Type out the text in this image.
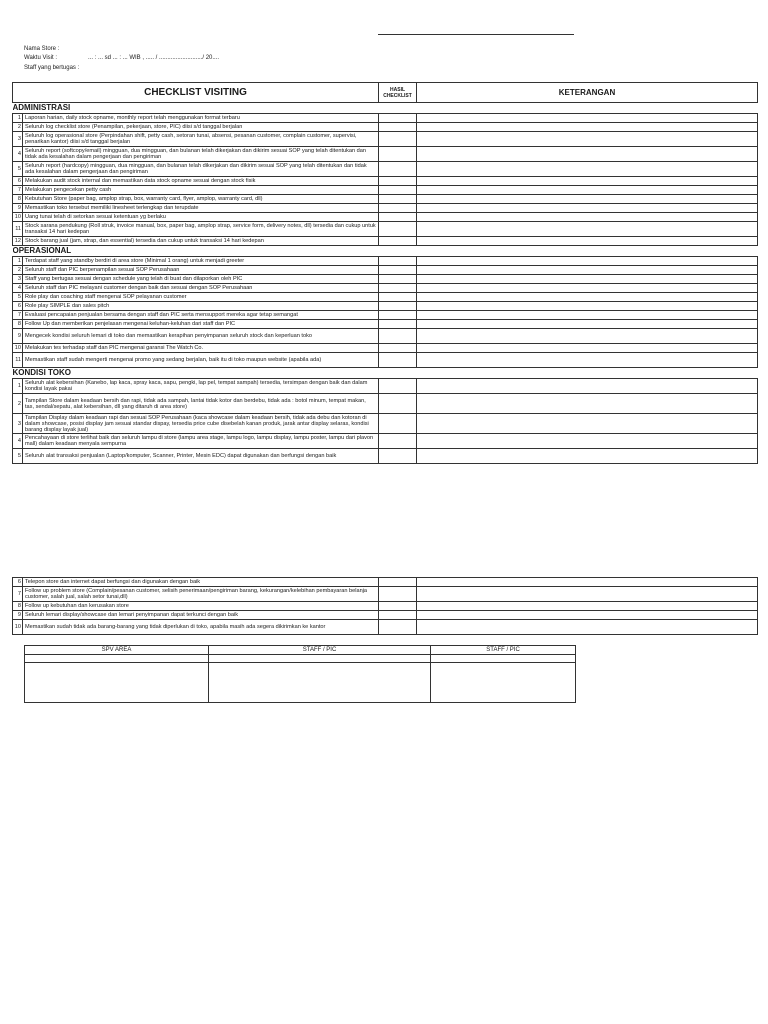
Nama Store :
Waktu Visit :	... : ... sd ... : ... WIB , ..... / ........................../ 20....
Staff yang bertugas :
CHECKLIST VISITING		HASIL CHECKLIST	KETERANGAN
ADMINISTRASI			
1	Laporan harian, daily stock opname, monthly report telah menggunakan format terbaru		
2	Seluruh log checklist store (Penampilan, pekerjaan, store, PIC) diisi s/d tanggal berjalan		
3	Seluruh log operasional store (Perpindahan shift, petty cash, setoran tunai, absensi, pesanan customer, complain customer, supervisi, penarikan kantor) diisi s/d tanggal berjalan		
4	Seluruh report (softcopy/email) mingguan, dua mingguan, dan bulanan telah dikerjakan dan dikirim sesuai SOP yang telah ditentukan dan tidak ada kesalahan dalam pengerjaan dan pengiriman		
5	Seluruh report (hardcopy) mingguan, dua mingguan, dan bulanan telah dikerjakan dan dikirim sesuai SOP yang telah ditentukan dan tidak ada kesalahan dalam pengerjaan dan pengiriman		
6	Melakukan audit stock internal dan memastikan data stock opname sesuai dengan stock fisik		
7	Melakukan pengecekan petty cash		
8	Kebutuhan Store (paper bag, amplop strap, box, warranty card, flyer, amplop, warranty card, dll)		
9	Memastikan toko tersebut memiliki linesheet terlengkap dan terupdate		
10	Uang tunai telah di setorkan sesuai ketentuan yg berlaku		
11	Stock sarana pendukung (Roll struk, invoice manual, box, paper bag, amplop strap, service form, delivery notes, dll) tersedia dan cukup untuk transaksi 14 hari kedepan		
12	Stock barang jual (jam, strap, dan essential) tersedia dan cukup untuk transaksi 14 hari kedepan		
OPERASIONAL			
1	Terdapat staff yang standby berdiri di area store (Minimal 1 orang) untuk menjadi greeter		
2	Seluruh staff dan PIC berpenampilan sesuai SOP Perusahaan		
3	Staff yang bertugas sesuai dengan schedule yang telah di buat dan dilaporkan oleh PIC		
4	Seluruh staff dan PIC melayani customer dengan baik dan sesuai dengan SOP Perusahaan		
5	Role play dan coaching staff mengenai SOP pelayanan customer		
6	Role play SIMPLE dan sales pitch		
7	Evaluasi pencapaian penjualan bersama dengan staff dan PIC serta mensupport mereka agar tetap semangat		
8	Follow Up dan memberikan penjelasan mengenai keluhan-keluhan dari staff dan PIC		
9	Mengecek kondisi seluruh lemari di toko dan memastikan kerapihan penyimpanan seluruh stock dan keperluan toko		
10	Melakukan tes terhadap staff dan PIC mengenai garansi The Watch Co.		
11	Memastikan staff sudah mengerti mengenai promo yang sedang berjalan, baik itu di toko maupun website (apabila ada)		
KONDISI TOKO			
1	Seluruh alat kebersihan (Kanebo, lap kaca, spray kaca, sapu, pengki, lap pel, tempat sampah) tersedia, tersimpan dengan baik dan dalam kondisi layak pakai		
2	Tampilan Store dalam keadaan bersih dan rapi, tidak ada sampah, lantai tidak kotor dan berdebu, tidak ada : botol minum, tempat makan, tas, sendal/sepatu, alat kebersihan, dll yang ditaruh di area store)		
3	Tampilan Display dalam keadaan rapi dan sesuai SOP Perusahaan (kaca showcase dalam keadaan bersih, tidak ada debu dan kotoran di dalam showcase, posisi display jam sesuai standar dispay, tersedia price cube disebelah kanan produk, jarak antar display selaras, kondisi barang display layak jual)		
4	Pencahayaan di store terlihat baik dan seluruh lampu di store (lampu area stage, lampu logo, lampu display, lampu poster, lampu dari plavon mall) dalam keadaan menyala sempurna		
5	Seluruh alat transaksi penjualan (Laptop/komputer, Scanner, Printer, Mesin EDC) dapat digunakan dan berfungsi dengan baik		
6	Telepon store dan internet dapat berfungsi dan digunakan dengan baik		
7	Follow up problem store (Complain/pesanan customer, selisih penerimaan/pengiriman barang, kekurangan/kelebihan pembayaran belanja customer, salah jual, salah setor tunai,dll)		
8	Follow up kebutuhan dan kerusakan store		
9	Seluruh lemari display/showcase dan lemari penyimpanan dapat terkunci dengan baik		
10	Memastikan sudah tidak ada barang-barang yang tidak diperlukan di toko, apabila masih ada segera dikirimkan ke kantor		
SPV AREA	STAFF / PIC	STAFF / PIC
